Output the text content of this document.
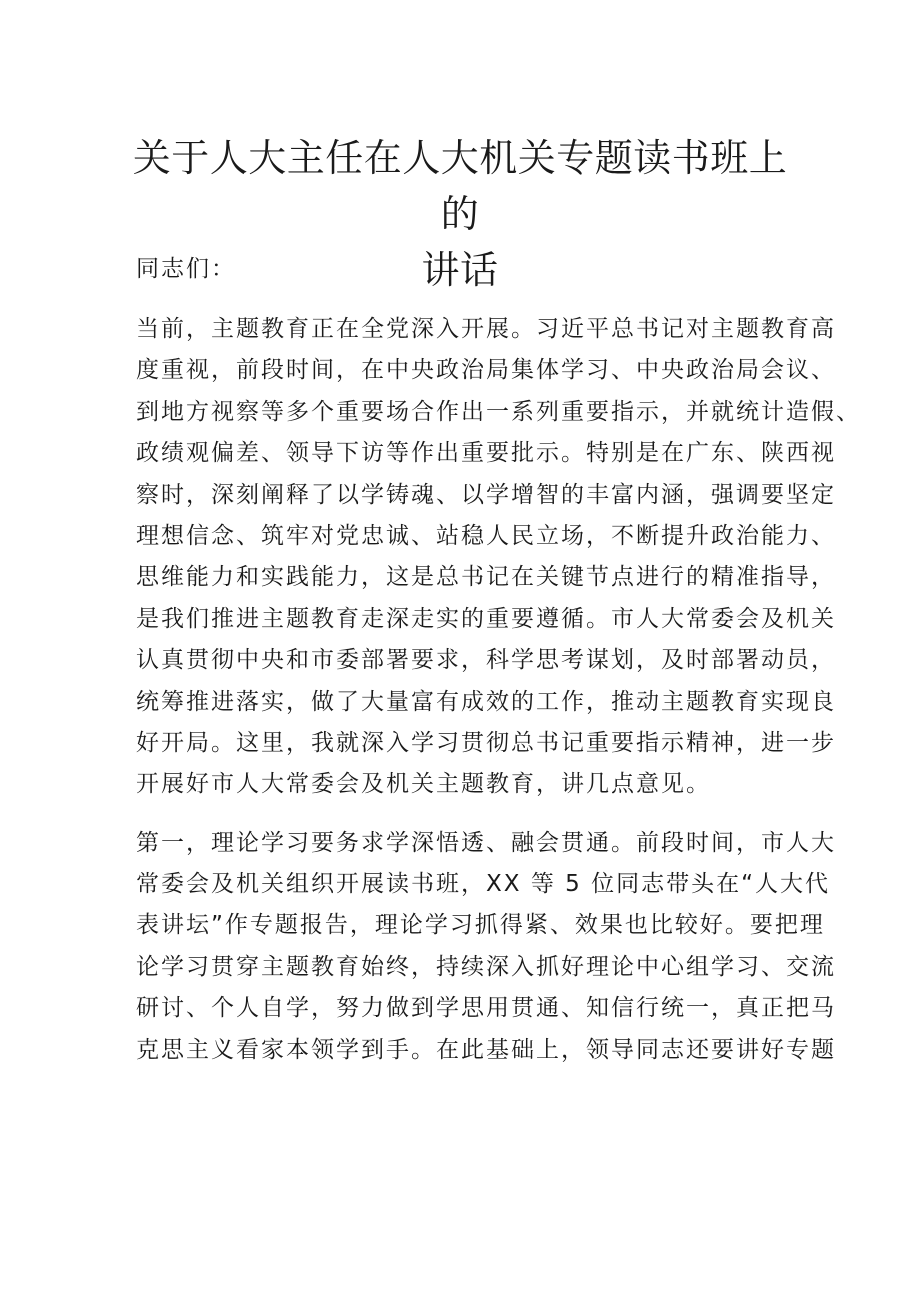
关于人大主任在人大机关专题读书班上的
讲话

同志们：

当前，主题教育正在全党深入开展。习近平总书记对主题教育高
度重视，前段时间，在中央政治局集体学习、中央政治局会议、
到地方视察等多个重要场合作出一系列重要指示，并就统计造假、
政绩观偏差、领导下访等作出重要批示。特别是在广东、陕西视
察时，深刻阐释了以学铸魂、以学增智的丰富内涵，强调要坚定
理想信念、筑牢对党忠诚、站稳人民立场，不断提升政治能力、
思维能力和实践能力，这是总书记在关键节点进行的精准指导，
是我们推进主题教育走深走实的重要遵循。市人大常委会及机关
认真贯彻中央和市委部署要求，科学思考谋划，及时部署动员，
统筹推进落实，做了大量富有成效的工作，推动主题教育实现良
好开局。这里，我就深入学习贯彻总书记重要指示精神，进一步
开展好市人大常委会及机关主题教育，讲几点意见。

第一，理论学习要务求学深悟透、融会贯通。前段时间，市人大
常委会及机关组织开展读书班，XX 等 5 位同志带头在“人大代
表讲坛”作专题报告，理论学习抓得紧、效果也比较好。要把理
论学习贯穿主题教育始终，持续深入抓好理论中心组学习、交流
研讨、个人自学，努力做到学思用贯通、知信行统一，真正把马
克思主义看家本领学到手。在此基础上，领导同志还要讲好专题
